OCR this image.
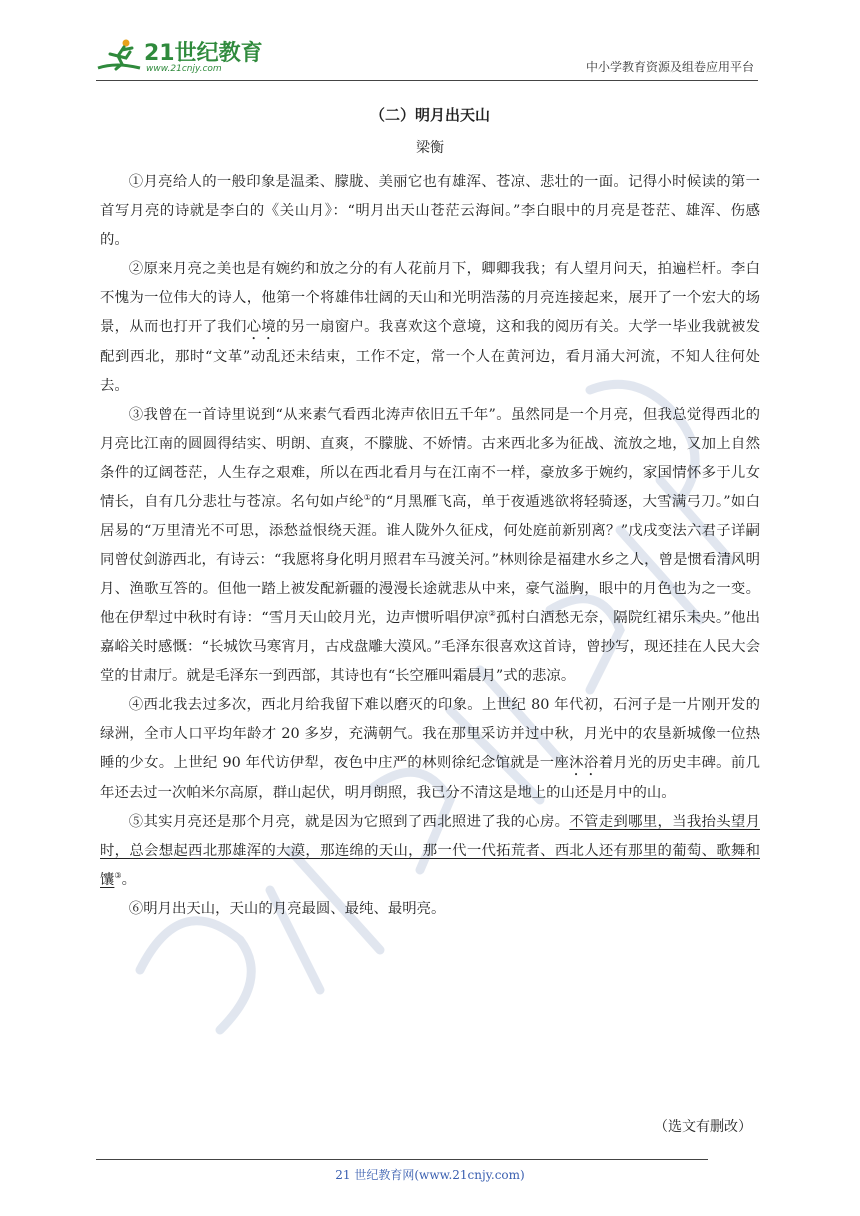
21世纪教育
www.21cnjy.com	中小学教育资源及组卷应用平台
（二）明月出天山
梁衡

①月亮给人的一般印象是温柔、朦胧、美丽它也有雄浑、苍凉、悲壮的一面。记得小时候读的第一首写月亮的诗就是李白的《关山月》：“明月出天山苍茫云海间。”李白眼中的月亮是苍茫、雄浑、伤感的。

②原来月亮之美也是有婉约和放之分的有人花前月下，卿卿我我；有人望月问天，拍遍栏杆。李白不愧为一位伟大的诗人，他第一个将雄伟壮阔的天山和光明浩荡的月亮连接起来，展开了一个宏大的场景，从而也打开了我们心境的另一扇窗户。我喜欢这个意境，这和我的阅历有关。大学一毕业我就被发配到西北，那时“文革”动乱还未结束，工作不定，常一个人在黄河边，看月涌大河流，不知人往何处去。

③我曾在一首诗里说到“从来素气看西北涛声依旧五千年”。虽然同是一个月亮，但我总觉得西北的月亮比江南的圆圆得结实、明朗、直爽，不朦胧、不娇情。古来西北多为征战、流放之地，又加上自然条件的辽阔苍茫，人生存之艰难，所以在西北看月与在江南不一样，豪放多于婉约，家国情怀多于儿女情长，自有几分悲壮与苍凉。名句如卢纶①的“月黑雁飞高，单于夜遁逃欲将轻骑逐，大雪满弓刀。”如白居易的“万里清光不可思，添愁益恨绕天涯。谁人陇外久征戍，何处庭前新别离？”戊戌变法六君子详嗣同曾仗剑游西北，有诗云：“我愿将身化明月照君车马渡关河。”林则徐是福建水乡之人，曾是惯看清风明月、渔歌互答的。但他一踏上被发配新疆的漫漫长途就悲从中来，豪气溢胸，眼中的月色也为之一变。他在伊犁过中秋时有诗：“雪月天山皎月光，边声惯听唱伊凉②孤村白酒愁无奈，隔院红裙乐未央。”他出嘉峪关时感慨：“长城饮马寒宵月，古戍盘雕大漠风。”毛泽东很喜欢这首诗，曾抄写，现还挂在人民大会堂的甘肃厅。就是毛泽东一到西部，其诗也有“长空雁叫霜晨月”式的悲凉。

④西北我去过多次，西北月给我留下难以磨灭的印象。上世纪 80 年代初，石河子是一片刚开发的绿洲，全市人口平均年龄才 20 多岁，充满朝气。我在那里采访并过中秋，月光中的农垦新城像一位热睡的少女。上世纪 90 年代访伊犁，夜色中庄严的林则徐纪念馆就是一座沐浴着月光的历史丰碑。前几年还去过一次帕米尔高原，群山起伏，明月朗照，我已分不清这是地上的山还是月中的山。

⑤其实月亮还是那个月亮，就是因为它照到了西北照进了我的心房。不管走到哪里，当我抬头望月时，总会想起西北那雄浑的大漠，那连绵的天山，那一代一代拓荒者、西北人还有那里的葡萄、歌舞和馕③。

⑥明月出天山，天山的月亮最圆、最纯、最明亮。

（选文有删改）
21 世纪教育网(www.21cnjy.com)
